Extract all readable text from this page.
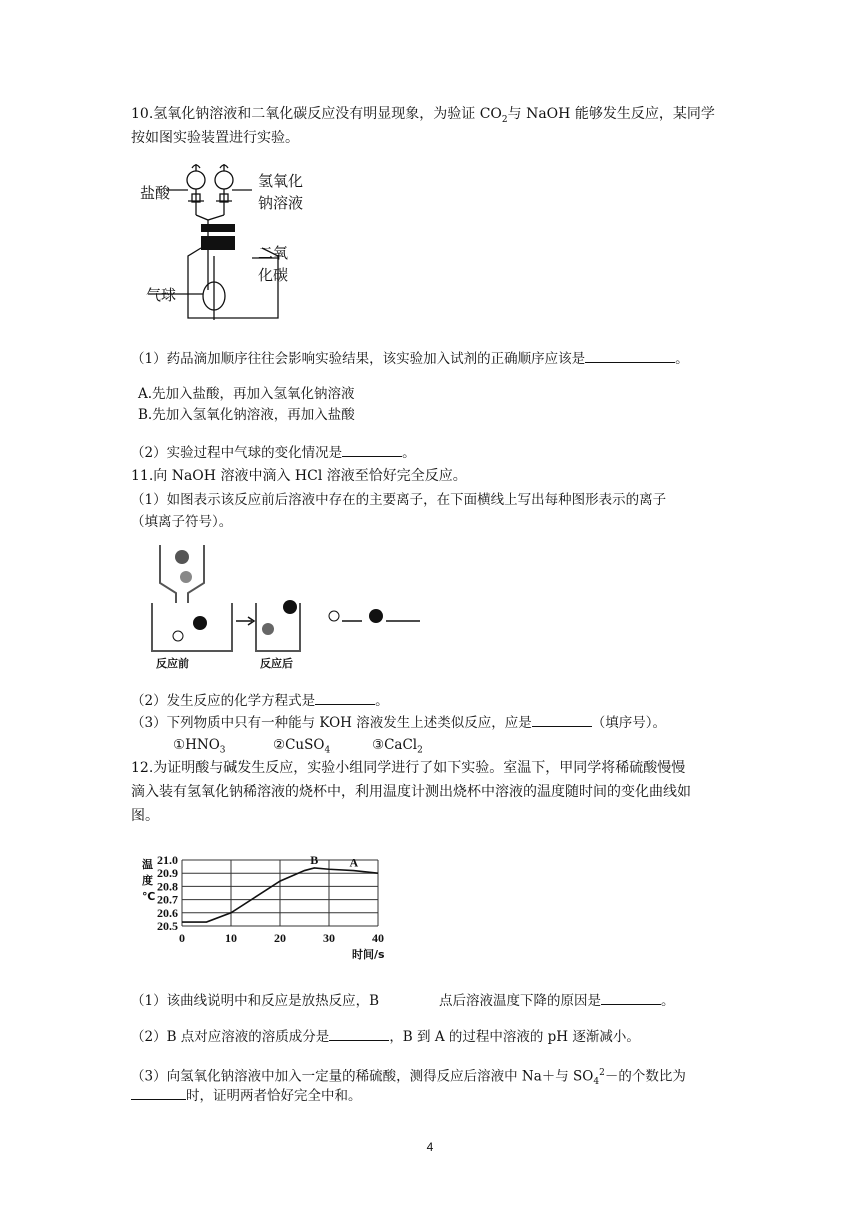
10.氢氧化钠溶液和二氧化碳反应没有明显现象，为验证 $CO_2$与 NaOH 能够发生反应，某同学
按如图实验装置进行实验。
盐酸
氢氧化
钠溶液
二氧
化碳
气球
（1）药品滴加顺序往往会影响实验结果，该实验加入试剂的正确顺序应该是	。
A.先加入盐酸，再加入氢氧化钠溶液
B.先加入氢氧化钠溶液，再加入盐酸
（2）实验过程中气球的变化情况是	。
11.向 NaOH 溶液中滴入 HCl 溶液至恰好完全反应。
（1）如图表示该反应前后溶液中存在的主要离子，在下面横线上写出每种图形表示的离子
（填离子符号）。
反应前	反应后
（2）发生反应的化学方程式是	。
（3）下列物质中只有一种能与 KOH 溶液发生上述类似反应，应是	（填序号）。
$①HNO_3$	②CuSO$_4$	③CaCl$_2$
12.为证明酸与碱发生反应，实验小组同学进行了如下实验。室温下，甲同学将稀硫酸慢慢
滴入装有氢氧化钠稀溶液的烧杯中，利用温度计测出烧杯中溶液的温度随时间的变化曲线如
图。
20.5
20.6
20.7
20.8
20.9
21.0
0	10	20	30	40
B	A
温
度
℃
时间/s
（1）该曲线说明中和反应是放热反应，B	点后溶液温度下降的原因是	。
（2）B 点对应溶液的溶质成分是	，B 到 A 的过程中溶液的 pH 逐渐减小。
（3）向氢氧化钠溶液中加入一定量的稀硫酸，测得反应后溶液中 Na＋与 $SO_4^2-$的个数比为
时，证明两者恰好完全中和。
4
